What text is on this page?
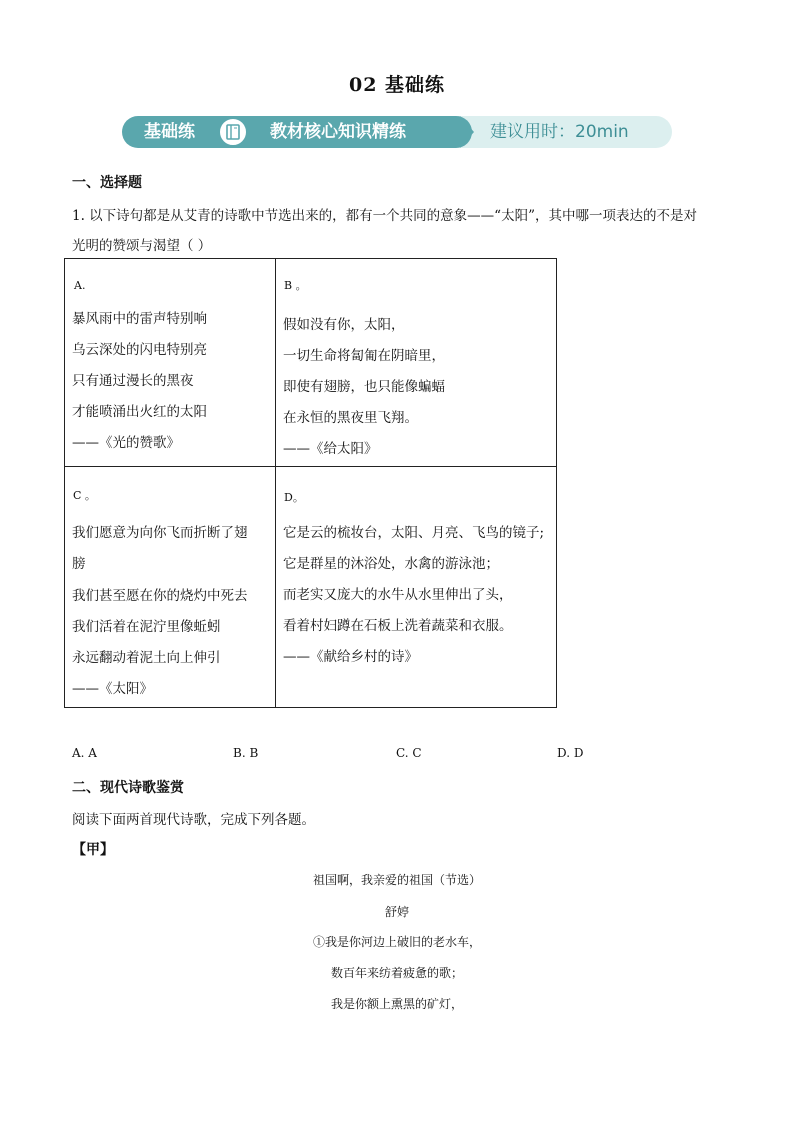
02 基础练
基础练	教材核心知识精练	建议用时：20min
一、选择题
1. 以下诗句都是从艾青的诗歌中节选出来的，都有一个共同的意象——“太阳”，其中哪一项表达的不是对
光明的赞颂与渴望（ ）
A.
暴风雨中的雷声特别响
乌云深处的闪电特别亮
只有通过漫长的黑夜
才能喷涌出火红的太阳
——《光的赞歌》
B 。
假如没有你，太阳，
一切生命将匐匍在阴暗里，
即使有翅膀，也只能像蝙蝠
在永恒的黑夜里飞翔。
——《给太阳》
C 。
我们愿意为向你飞而折断了翅
膀
我们甚至愿在你的烧灼中死去
我们活着在泥泞里像蚯蚓
永远翻动着泥土向上伸引
——《太阳》
D。
它是云的梳妆台，太阳、月亮、飞鸟的镜子;
它是群星的沐浴处，水禽的游泳池；
而老实又庞大的水牛从水里伸出了头，
看着村妇蹲在石板上洗着蔬菜和衣服。
——《献给乡村的诗》
A. A	B. B	C. C	D. D
二、现代诗歌鉴赏
阅读下面两首现代诗歌，完成下列各题。
【甲】
祖国啊，我亲爱的祖国（节选）
舒婷
①我是你河边上破旧的老水车，
数百年来纺着疲惫的歌；
我是你额上熏黑的矿灯，
